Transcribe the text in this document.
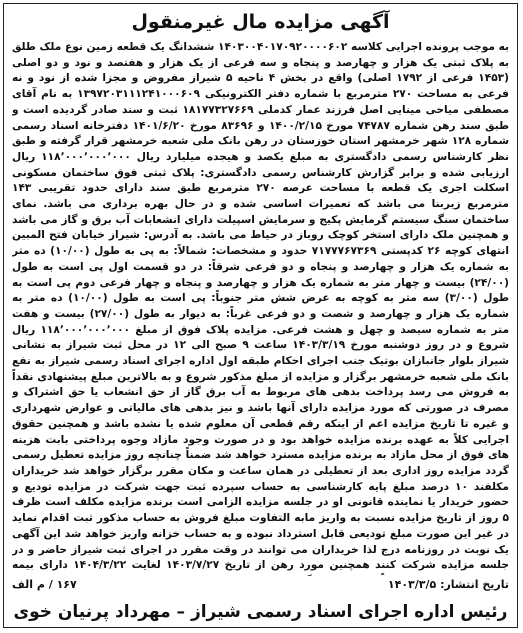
آگهی مزایده مال غیرمنقول

به موجب پرونده اجرایی کلاسه ۱۴۰۳۰۰۴۰۱۷۰۹۲۰۰۰۰۶۰۲ ششدانگ یک قطعه زمین نوع ملک طلق به پلاک ثبتی یک هزار و چهارصد و پنجاه و سه فرعی از یک هزار و هفتصد و نود و دو اصلی (۱۴۵۳ فرعی از ۱۷۹۲ اصلی) واقع در بخش ۴ ناحیه ۵ شیراز مفروض و مجزا شده از نود و نه فرعی به مساحت ۲۷۰ مترمربع با شماره دفتر الکترونیکی ۱۳۹۷۲۰۳۱۱۱۲۴۱۰۰۰۶۰۹ به نام آقای مصطفی میاحی مینایی اصل فرزند عمار کدملی ۱۸۱۷۷۳۲۷۶۶۹ ثبت و سند صادر گردیده است و طبق سند رهن شماره ۷۴۷۸۷ مورخ ۱۴۰۰/۲/۱۵ و ۸۳۶۹۶ مورخ ۱۴۰۱/۶/۲۰ دفترخانه اسناد رسمی شماره ۱۲۸ شهر خرمشهر استان خوزستان در رهن بانک ملی شعبه خرمشهر قرار گرفته و طبق نظر کارشناس رسمی دادگستری به مبلغ یکصد و هیجده میلیارد ریال ۱۱۸٬۰۰۰٬۰۰۰٬۰۰۰ ریال ارزیابی شده و برابر گزارش کارشناس رسمی دادگستری: پلاک ثبتی فوق ساختمان مسکونی اسکلت اجری یک قطعه با مساحت عرصه ۲۷۰ مترمربع طبق سند دارای حدود تقریبی ۱۴۳ مترمربع زیربنا می باشد که تعمیرات اساسی شده و در حال بهره برداری می باشد. نمای ساختمان سنگ سیستم گرمایش پکیج و سرمایش اسپیلت دارای انشعابات آب برق و گاز می باشد و همچنین ملک دارای استخر کوچک روباز در حیاط می باشد. به آدرس: شیراز خیابان فتح المبین انتهای کوچه ۲۶ کدپستی ۷۱۷۷۷۶۷۳۶۹ حدود و مشخصات: شمالاً: به پی به طول (۱۰/۰۰) ده متر به شماره یک هزار و چهارصد و پنجاه و دو فرعی شرقاً: در دو قسمت اول پی است به طول (۲۴/۰۰) بیست و چهار متر به شماره یک هزار و چهارصد و پنجاه و چهار فرعی دوم پی است به طول (۳/۰۰) سه متر به کوچه به عرض شش متر جنوباً: پی است به طول (۱۰/۰۰) ده متر به شماره یک هزار و چهارصد و شصت و دو فرعی غرباً: به دیوار به طول (۲۷/۰۰) بیست و هفت متر به شماره سیصد و چهل و هشت فرعی. مزایده پلاک فوق از مبلغ ۱۱۸٬۰۰۰٬۰۰۰٬۰۰۰ ریال شروع و در روز دوشنبه مورخ ۱۴۰۳/۳/۱۹ ساعت ۹ صبح الی ۱۲ در محل ثبت شیراز به نشانی شیراز بلوار جانبازان بوتیک جنب اجرای احکام طبقه اول اداره اجرای اسناد رسمی شیراز به نفع بانک ملی شعبه خرمشهر برگزار و مزایده از مبلغ مذکور شروع و به بالاترین مبلغ پیشنهادی نقداً به فروش می رسد پرداخت بدهی های مربوط به آب برق گاز از حق انشعاب یا حق اشتراک و مصرف در صورتی که مورد مزایده دارای آنها باشد و نیز بدهی های مالیاتی و عوارض شهرداری و غیره تا تاریخ مزایده اعم از اینکه رقم قطعی آن معلوم شده یا نشده باشد و همچنین حقوق اجرایی کلاً به عهده برنده مزایده خواهد بود و در صورت وجود مازاد وجوه پرداختی بابت هزینه های فوق از محل مازاد به برنده مزایده مسترد خواهد شد ضمناً چنانچه روز مزایده تعطیل رسمی گردد مزایده روز اداری بعد از تعطیلی در همان ساعت و مکان مقرر برگزار خواهد شد خریداران مکلفند ۱۰ درصد مبلغ پایه کارشناسی به حساب سپرده ثبت جهت شرکت در مزایده تودیع و حضور خریدار یا نماینده قانونی او در جلسه مزایده الزامی است برنده مزایده مکلف است ظرف ۵ روز از تاریخ مزایده نسبت به واریز مابه التفاوت مبلغ فروش به حساب مذکور ثبت اقدام نماید در غیر این صورت مبلغ تودیعی قابل استرداد نبوده و به حساب خزانه واریز خواهد شد این آگهی یک نوبت در روزنامه درج لذا خریداران می توانند در وقت مقرر در اجرای ثبت شیراز حاضر و در جلسه مزایده شرکت کنند همچنین مورد رهن از تاریخ ۱۴۰۳/۷/۲۷ لغایت ۱۴۰۴/۳/۲۲ دارای بیمه

تاریخ انتشار: ۱۴۰۳/۳/۵
۱۶۷ / م الف
رئیس اداره اجرای اسناد رسمی شیراز – مهرداد پرنیان خوی
